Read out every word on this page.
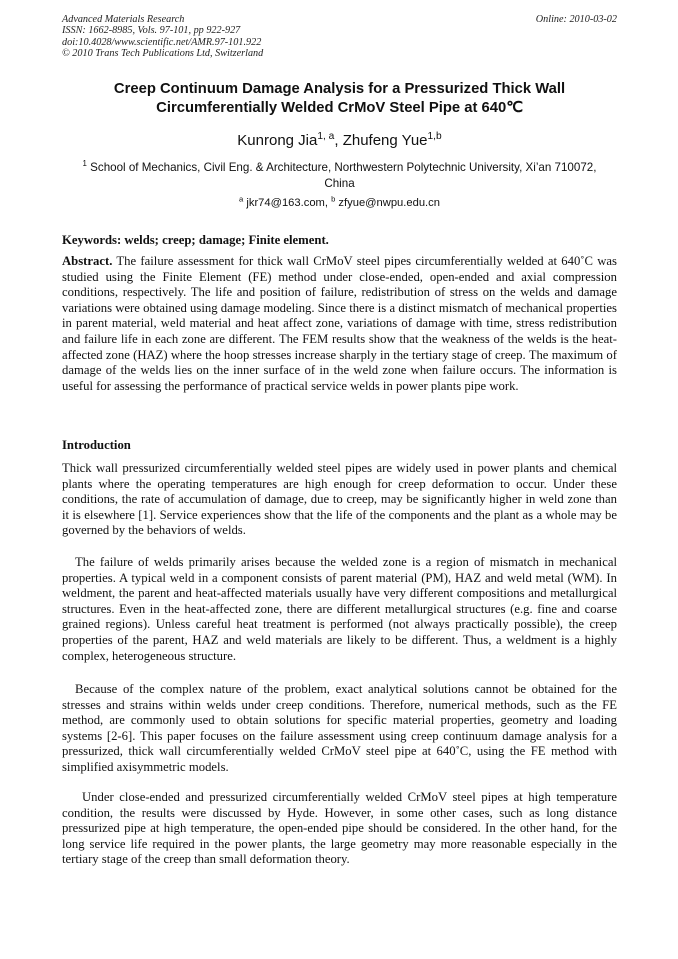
Advanced Materials Research
ISSN: 1662-8985, Vols. 97-101, pp 922-927
doi:10.4028/www.scientific.net/AMR.97-101.922
© 2010 Trans Tech Publications Ltd, Switzerland
Online: 2010-03-02
Creep Continuum Damage Analysis for a Pressurized Thick Wall
Circumferentially Welded CrMoV Steel Pipe at 640℃
Kunrong Jia$^{1, a}$, Zhufeng Yue$^{1,b}$
$^1$ School of Mechanics, Civil Eng. & Architecture, Northwestern Polytechnic University, Xi’an 710072,
China
$^a$ jkr74@163.com, $^b$ zfyue@nwpu.edu.cn
Keywords: welds; creep; damage; Finite element.
Abstract. The failure assessment for thick wall CrMoV steel pipes circumferentially welded at 640˚C was studied using the Finite Element (FE) method under close-ended, open-ended and axial compression conditions, respectively. The life and position of failure, redistribution of stress on the welds and damage variations were obtained using damage modeling. Since there is a distinct mismatch of mechanical properties in parent material, weld material and heat affect zone, variations of damage with time, stress redistribution and failure life in each zone are different. The FEM results show that the weakness of the welds is the heat-affected zone (HAZ) where the hoop stresses increase sharply in the tertiary stage of creep. The maximum of damage of the welds lies on the inner surface of in the weld zone when failure occurs. The information is useful for assessing the performance of practical service welds in power plants pipe work.
Introduction
Thick wall pressurized circumferentially welded steel pipes are widely used in power plants and chemical plants where the operating temperatures are high enough for creep deformation to occur. Under these conditions, the rate of accumulation of damage, due to creep, may be significantly higher in weld zone than it is elsewhere [1]. Service experiences show that the life of the components and the plant as a whole may be governed by the behaviors of welds.
The failure of welds primarily arises because the welded zone is a region of mismatch in mechanical properties. A typical weld in a component consists of parent material (PM), HAZ and weld metal (WM). In weldment, the parent and heat-affected materials usually have very different compositions and metallurgical structures. Even in the heat-affected zone, there are different metallurgical structures (e.g. fine and coarse grained regions). Unless careful heat treatment is performed (not always practically possible), the creep properties of the parent, HAZ and weld materials are likely to be different. Thus, a weldment is a highly complex, heterogeneous structure.
Because of the complex nature of the problem, exact analytical solutions cannot be obtained for the stresses and strains within welds under creep conditions. Therefore, numerical methods, such as the FE method, are commonly used to obtain solutions for specific material properties, geometry and loading systems [2-6]. This paper focuses on the failure assessment using creep continuum damage analysis for a pressurized, thick wall circumferentially welded CrMoV steel pipe at 640˚C, using the FE method with simplified axisymmetric models.
Under close-ended and pressurized circumferentially welded CrMoV steel pipes at high temperature condition, the results were discussed by Hyde. However, in some other cases, such as long distance pressurized pipe at high temperature, the open-ended pipe should be considered. In the other hand, for the long service life required in the power plants, the large geometry may more reasonable especially in the tertiary stage of the creep than small deformation theory.
